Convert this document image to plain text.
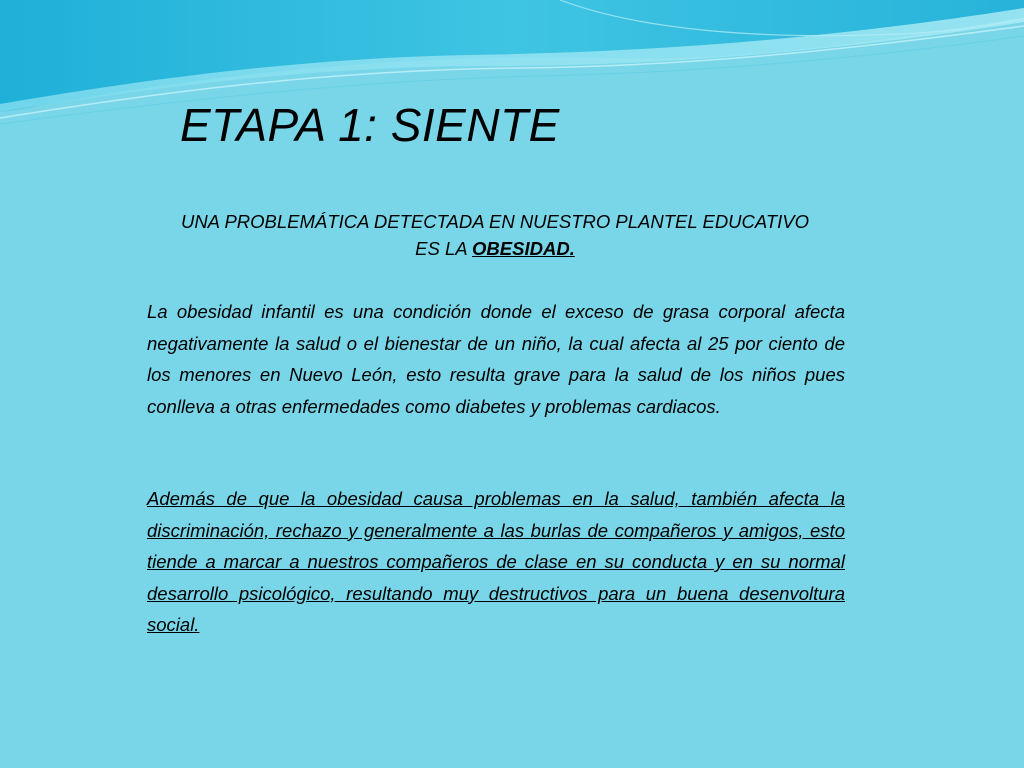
ETAPA 1: SIENTE
UNA PROBLEMÁTICA DETECTADA EN NUESTRO PLANTEL EDUCATIVO ES LA OBESIDAD.

La obesidad infantil es una condición donde el exceso de grasa corporal afecta negativamente la salud o el bienestar de un niño, la cual afecta al 25 por ciento de los menores en Nuevo León, esto resulta grave para la salud de los niños pues conlleva a otras enfermedades como diabetes y problemas cardiacos.

Además de que la obesidad causa problemas en la salud, también afecta la discriminación, rechazo y generalmente a las burlas de compañeros y amigos, esto tiende a marcar a nuestros compañeros de clase en su conducta y en su normal desarrollo psicológico, resultando muy destructivos para un buena desenvoltura social.
